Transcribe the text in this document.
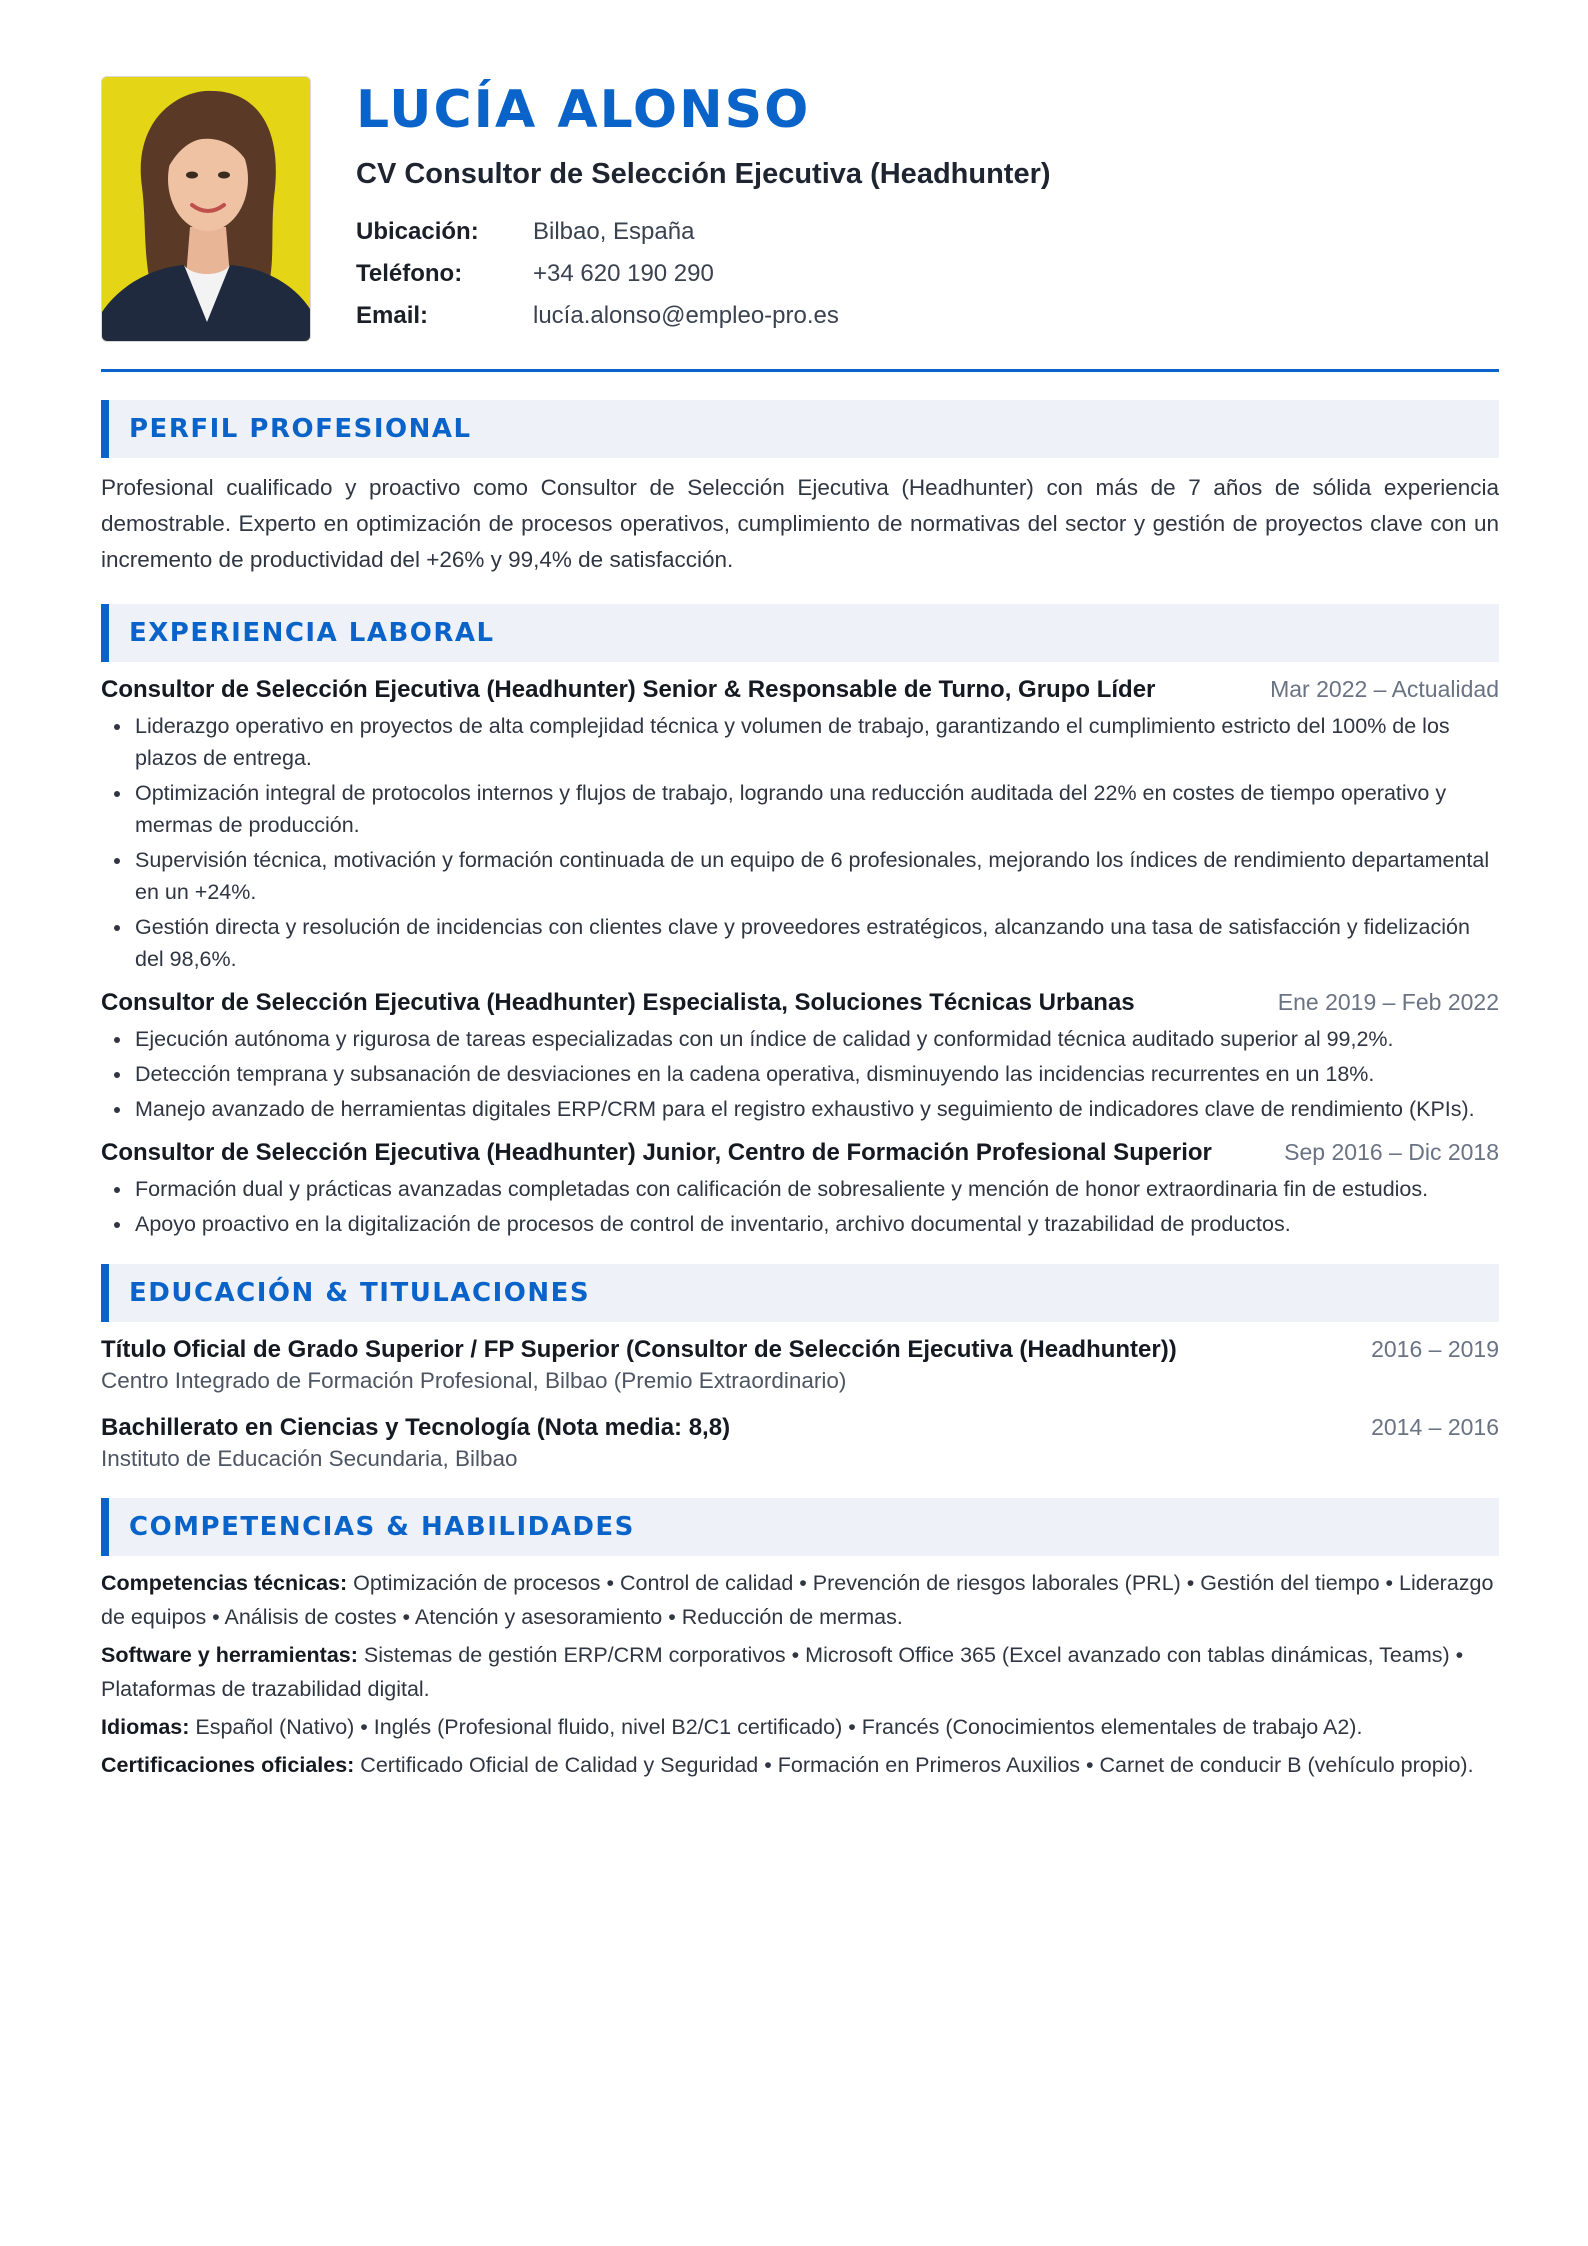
LUCÍA ALONSO
CV Consultor de Selección Ejecutiva (Headhunter)
Ubicación:	Bilbao, España
Teléfono:	+34 620 190 290
Email:	lucía.alonso@empleo-pro.es
PERFIL PROFESIONAL

Profesional cualificado y proactivo como Consultor de Selección Ejecutiva (Headhunter) con más de 7 años de sólida experiencia demostrable. Experto en optimización de procesos operativos, cumplimiento de normativas del sector y gestión de proyectos clave con un incremento de productividad del +26% y 99,4% de satisfacción.

EXPERIENCIA LABORAL
Consultor de Selección Ejecutiva (Headhunter) Senior & Responsable de Turno, Grupo Líder	Mar 2022 – Actualidad
Liderazgo operativo en proyectos de alta complejidad técnica y volumen de trabajo, garantizando el cumplimiento estricto del 100% de los plazos de entrega.
Optimización integral de protocolos internos y flujos de trabajo, logrando una reducción auditada del 22% en costes de tiempo operativo y mermas de producción.
Supervisión técnica, motivación y formación continuada de un equipo de 6 profesionales, mejorando los índices de rendimiento departamental en un +24%.
Gestión directa y resolución de incidencias con clientes clave y proveedores estratégicos, alcanzando una tasa de satisfacción y fidelización del 98,6%.
Consultor de Selección Ejecutiva (Headhunter) Especialista, Soluciones Técnicas Urbanas	Ene 2019 – Feb 2022
Ejecución autónoma y rigurosa de tareas especializadas con un índice de calidad y conformidad técnica auditado superior al 99,2%.
Detección temprana y subsanación de desviaciones en la cadena operativa, disminuyendo las incidencias recurrentes en un 18%.
Manejo avanzado de herramientas digitales ERP/CRM para el registro exhaustivo y seguimiento de indicadores clave de rendimiento (KPIs).
Consultor de Selección Ejecutiva (Headhunter) Junior, Centro de Formación Profesional Superior	Sep 2016 – Dic 2018
Formación dual y prácticas avanzadas completadas con calificación de sobresaliente y mención de honor extraordinaria fin de estudios.
Apoyo proactivo en la digitalización de procesos de control de inventario, archivo documental y trazabilidad de productos.
EDUCACIÓN & TITULACIONES
Título Oficial de Grado Superior / FP Superior (Consultor de Selección Ejecutiva (Headhunter))	2016 – 2019
Centro Integrado de Formación Profesional, Bilbao (Premio Extraordinario)
Bachillerato en Ciencias y Tecnología (Nota media: 8,8)	2014 – 2016
Instituto de Educación Secundaria, Bilbao
COMPETENCIAS & HABILIDADES

Competencias técnicas: Optimización de procesos • Control de calidad • Prevención de riesgos laborales (PRL) • Gestión del tiempo • Liderazgo de equipos • Análisis de costes • Atención y asesoramiento • Reducción de mermas.

Software y herramientas: Sistemas de gestión ERP/CRM corporativos • Microsoft Office 365 (Excel avanzado con tablas dinámicas, Teams) • Plataformas de trazabilidad digital.

Idiomas: Español (Nativo) • Inglés (Profesional fluido, nivel B2/C1 certificado) • Francés (Conocimientos elementales de trabajo A2).

Certificaciones oficiales: Certificado Oficial de Calidad y Seguridad • Formación en Primeros Auxilios • Carnet de conducir B (vehículo propio).
